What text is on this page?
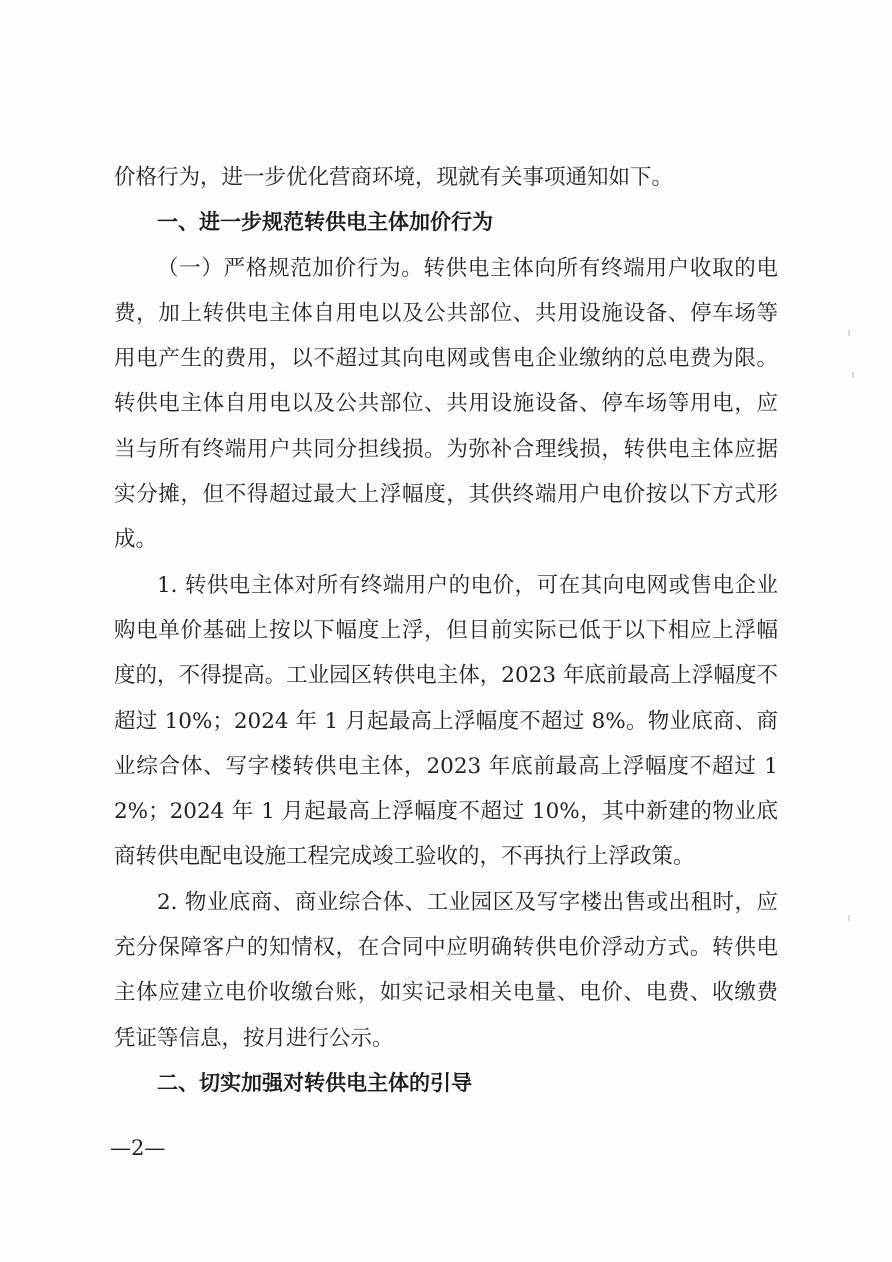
价格行为，进一步优化营商环境，现就有关事项通知如下。

一、进一步规范转供电主体加价行为

（一）严格规范加价行为。转供电主体向所有终端用户收取的电费，加上转供电主体自用电以及公共部位、共用设施设备、停车场等用电产生的费用，以不超过其向电网或售电企业缴纳的总电费为限。转供电主体自用电以及公共部位、共用设施设备、停车场等用电，应当与所有终端用户共同分担线损。为弥补合理线损，转供电主体应据实分摊，但不得超过最大上浮幅度，其供终端用户电价按以下方式形成。

1. 转供电主体对所有终端用户的电价，可在其向电网或售电企业购电单价基础上按以下幅度上浮，但目前实际已低于以下相应上浮幅度的，不得提高。工业园区转供电主体，2023 年底前最高上浮幅度不超过 10%；2024 年 1 月起最高上浮幅度不超过 8%。物业底商、商业综合体、写字楼转供电主体，2023 年底前最高上浮幅度不超过 12%；2024 年 1 月起最高上浮幅度不超过 10%，其中新建的物业底商转供电配电设施工程完成竣工验收的，不再执行上浮政策。

2. 物业底商、商业综合体、工业园区及写字楼出售或出租时，应充分保障客户的知情权，在合同中应明确转供电价浮动方式。转供电主体应建立电价收缴台账，如实记录相关电量、电价、电费、收缴费凭证等信息，按月进行公示。

二、切实加强对转供电主体的引导

—2—
